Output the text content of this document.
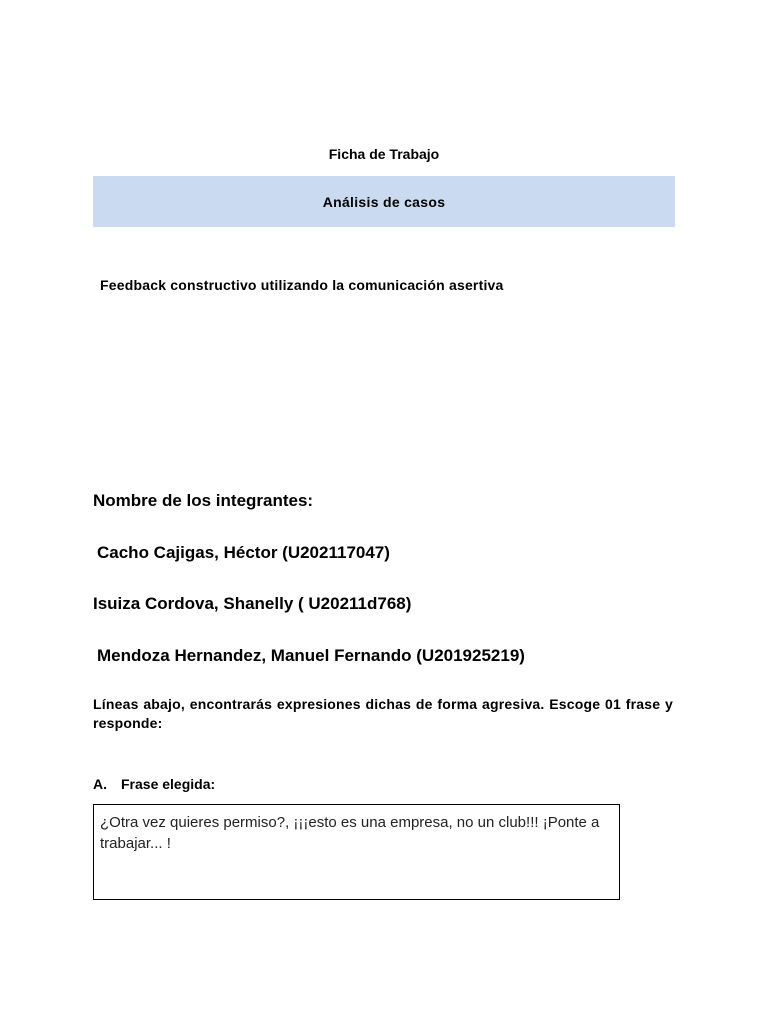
Ficha de Trabajo
Análisis de casos
Feedback constructivo utilizando la comunicación asertiva
Nombre de los integrantes:
Cacho Cajigas, Héctor (U202117047)
Isuiza Cordova, Shanelly ( U20211d768)
Mendoza Hernandez, Manuel Fernando (U201925219)
Líneas abajo, encontrarás expresiones dichas de forma agresiva. Escoge 01 frase y responde:
A. Frase elegida:
¿Otra vez quieres permiso?, ¡¡¡esto es una empresa, no un club!!! ¡Ponte a trabajar... !
